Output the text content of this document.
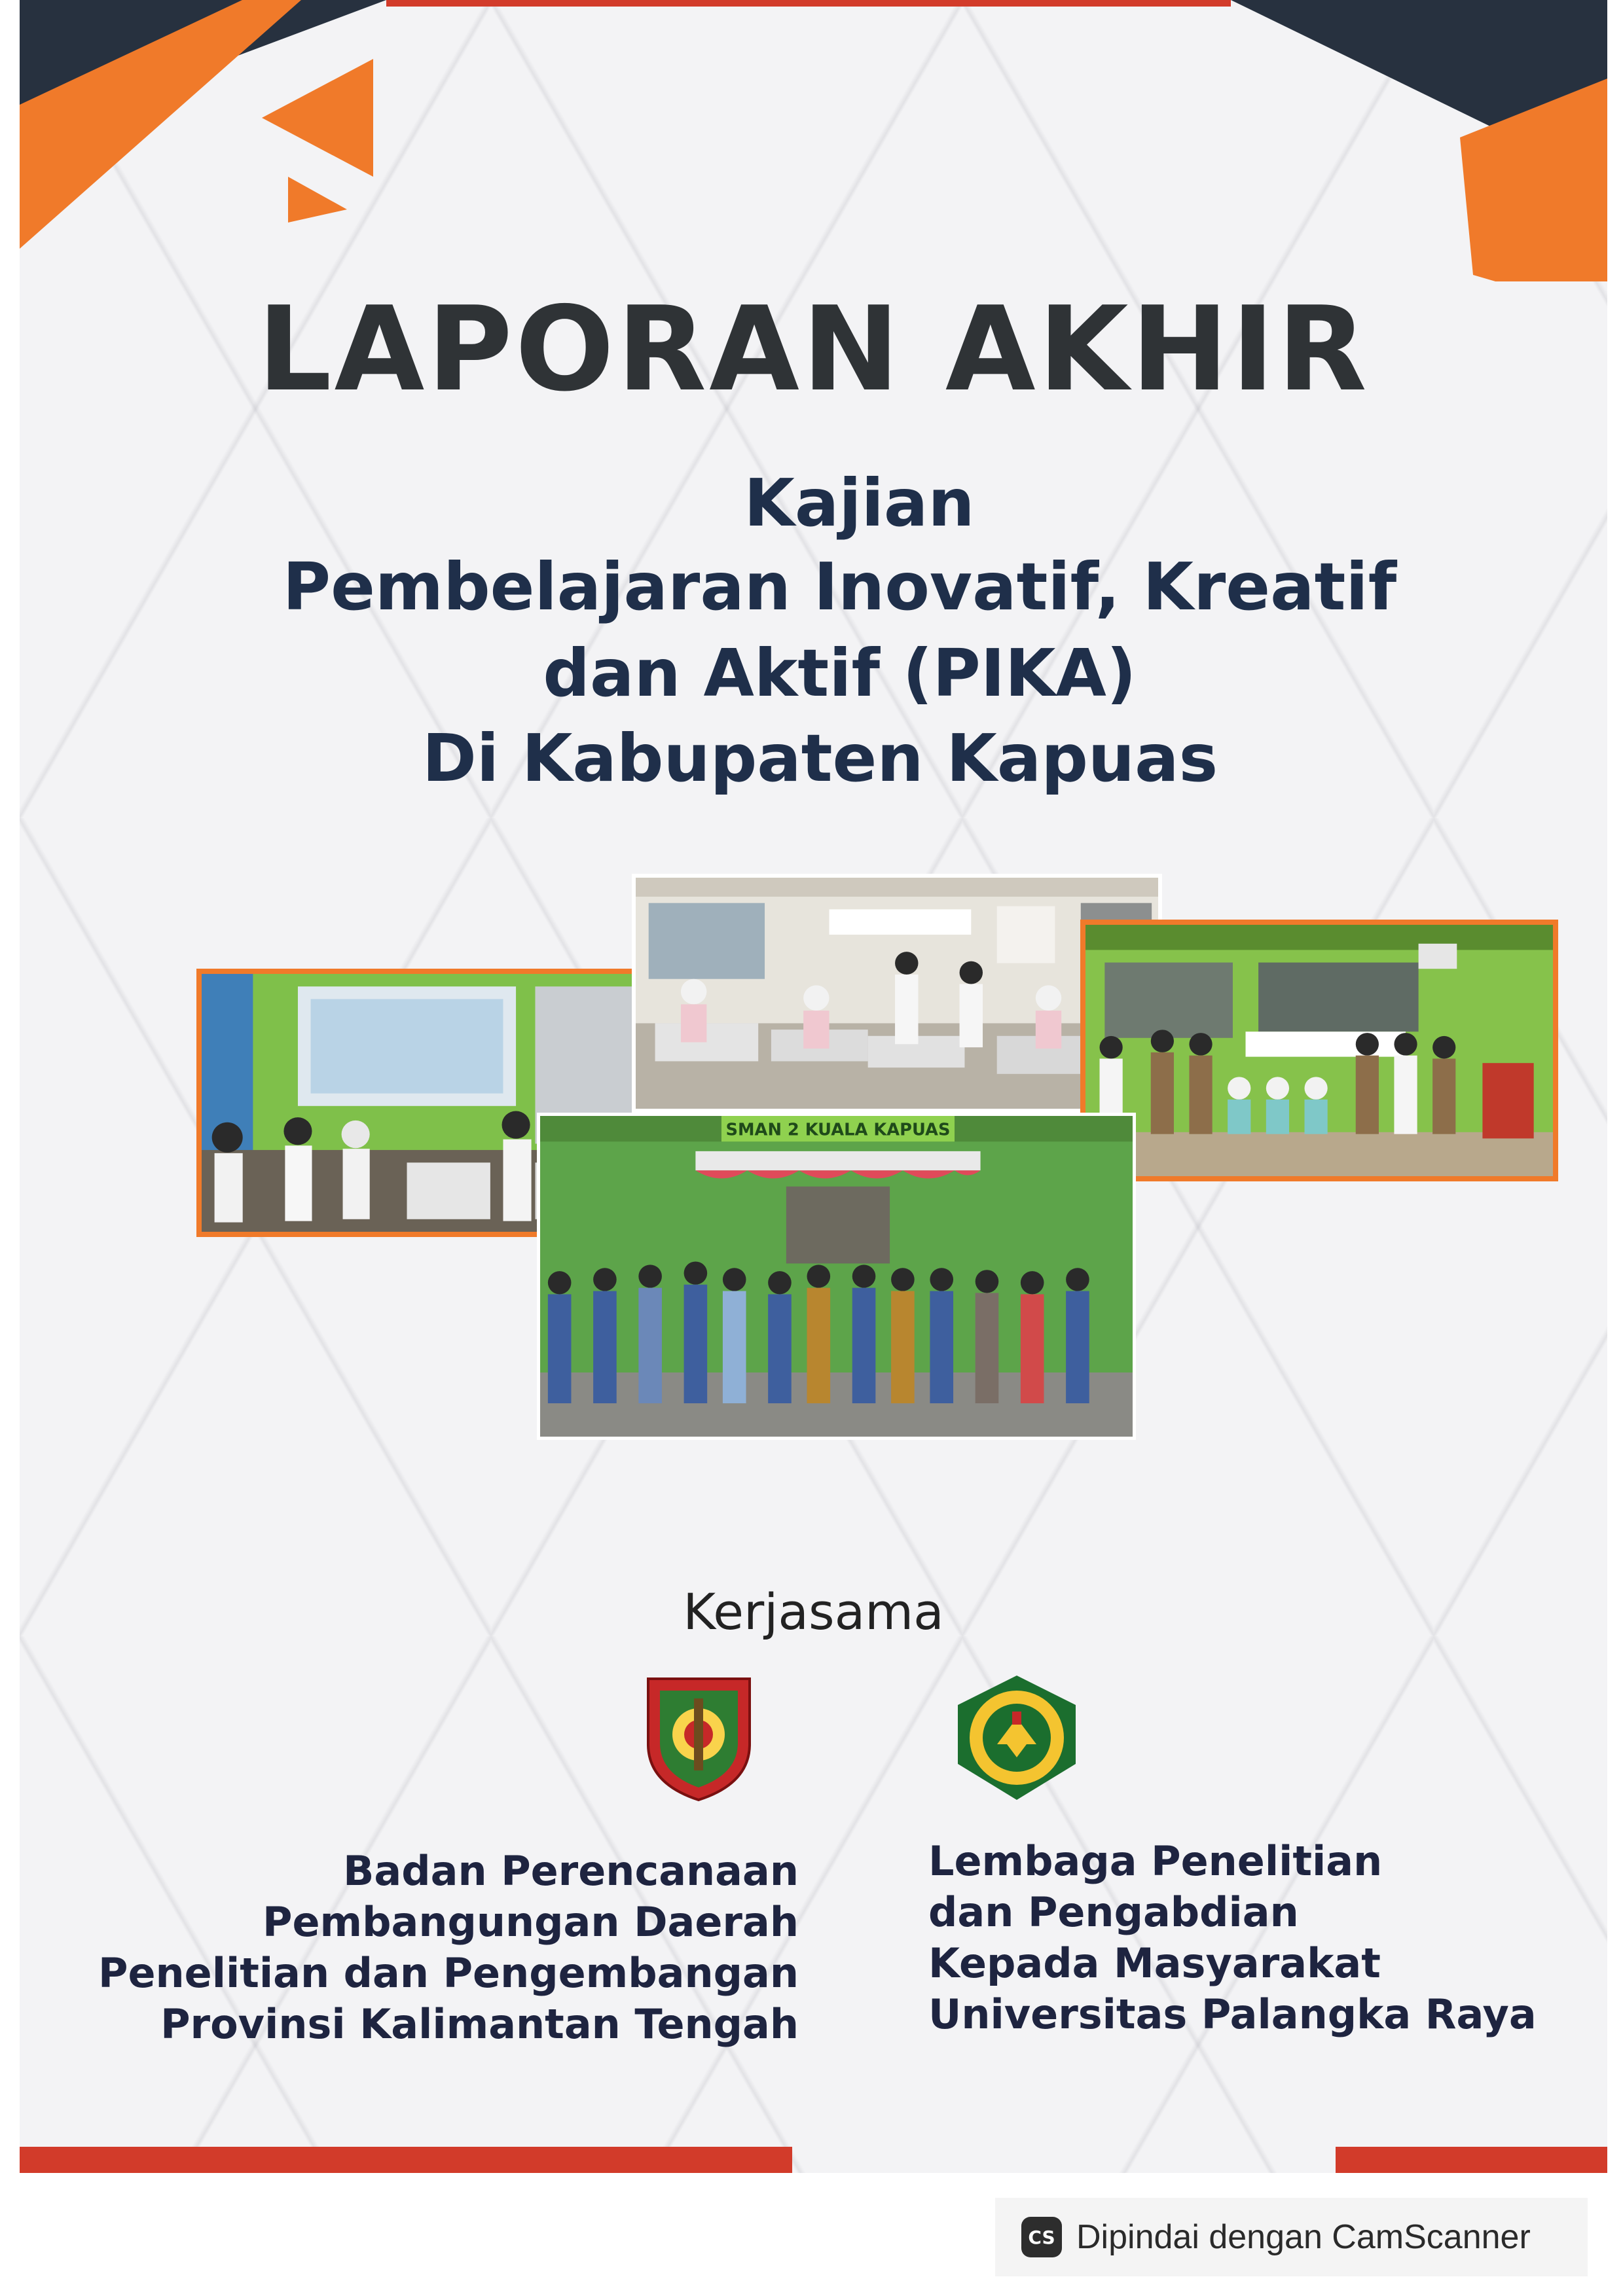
LAPORAN AKHIR
Kajian
Pembelajaran Inovatif, Kreatif
dan Aktif (PIKA)
Di Kabupaten Kapuas
SMAN 2 KUALA KAPUAS

Kerjasama

Badan Perencanaan
Pembangungan Daerah
Penelitian dan Pengembangan
Provinsi Kalimantan Tengah
Lembaga Penelitian
dan Pengabdian
Kepada Masyarakat
Universitas Palangka Raya
CS Dipindai dengan CamScanner
